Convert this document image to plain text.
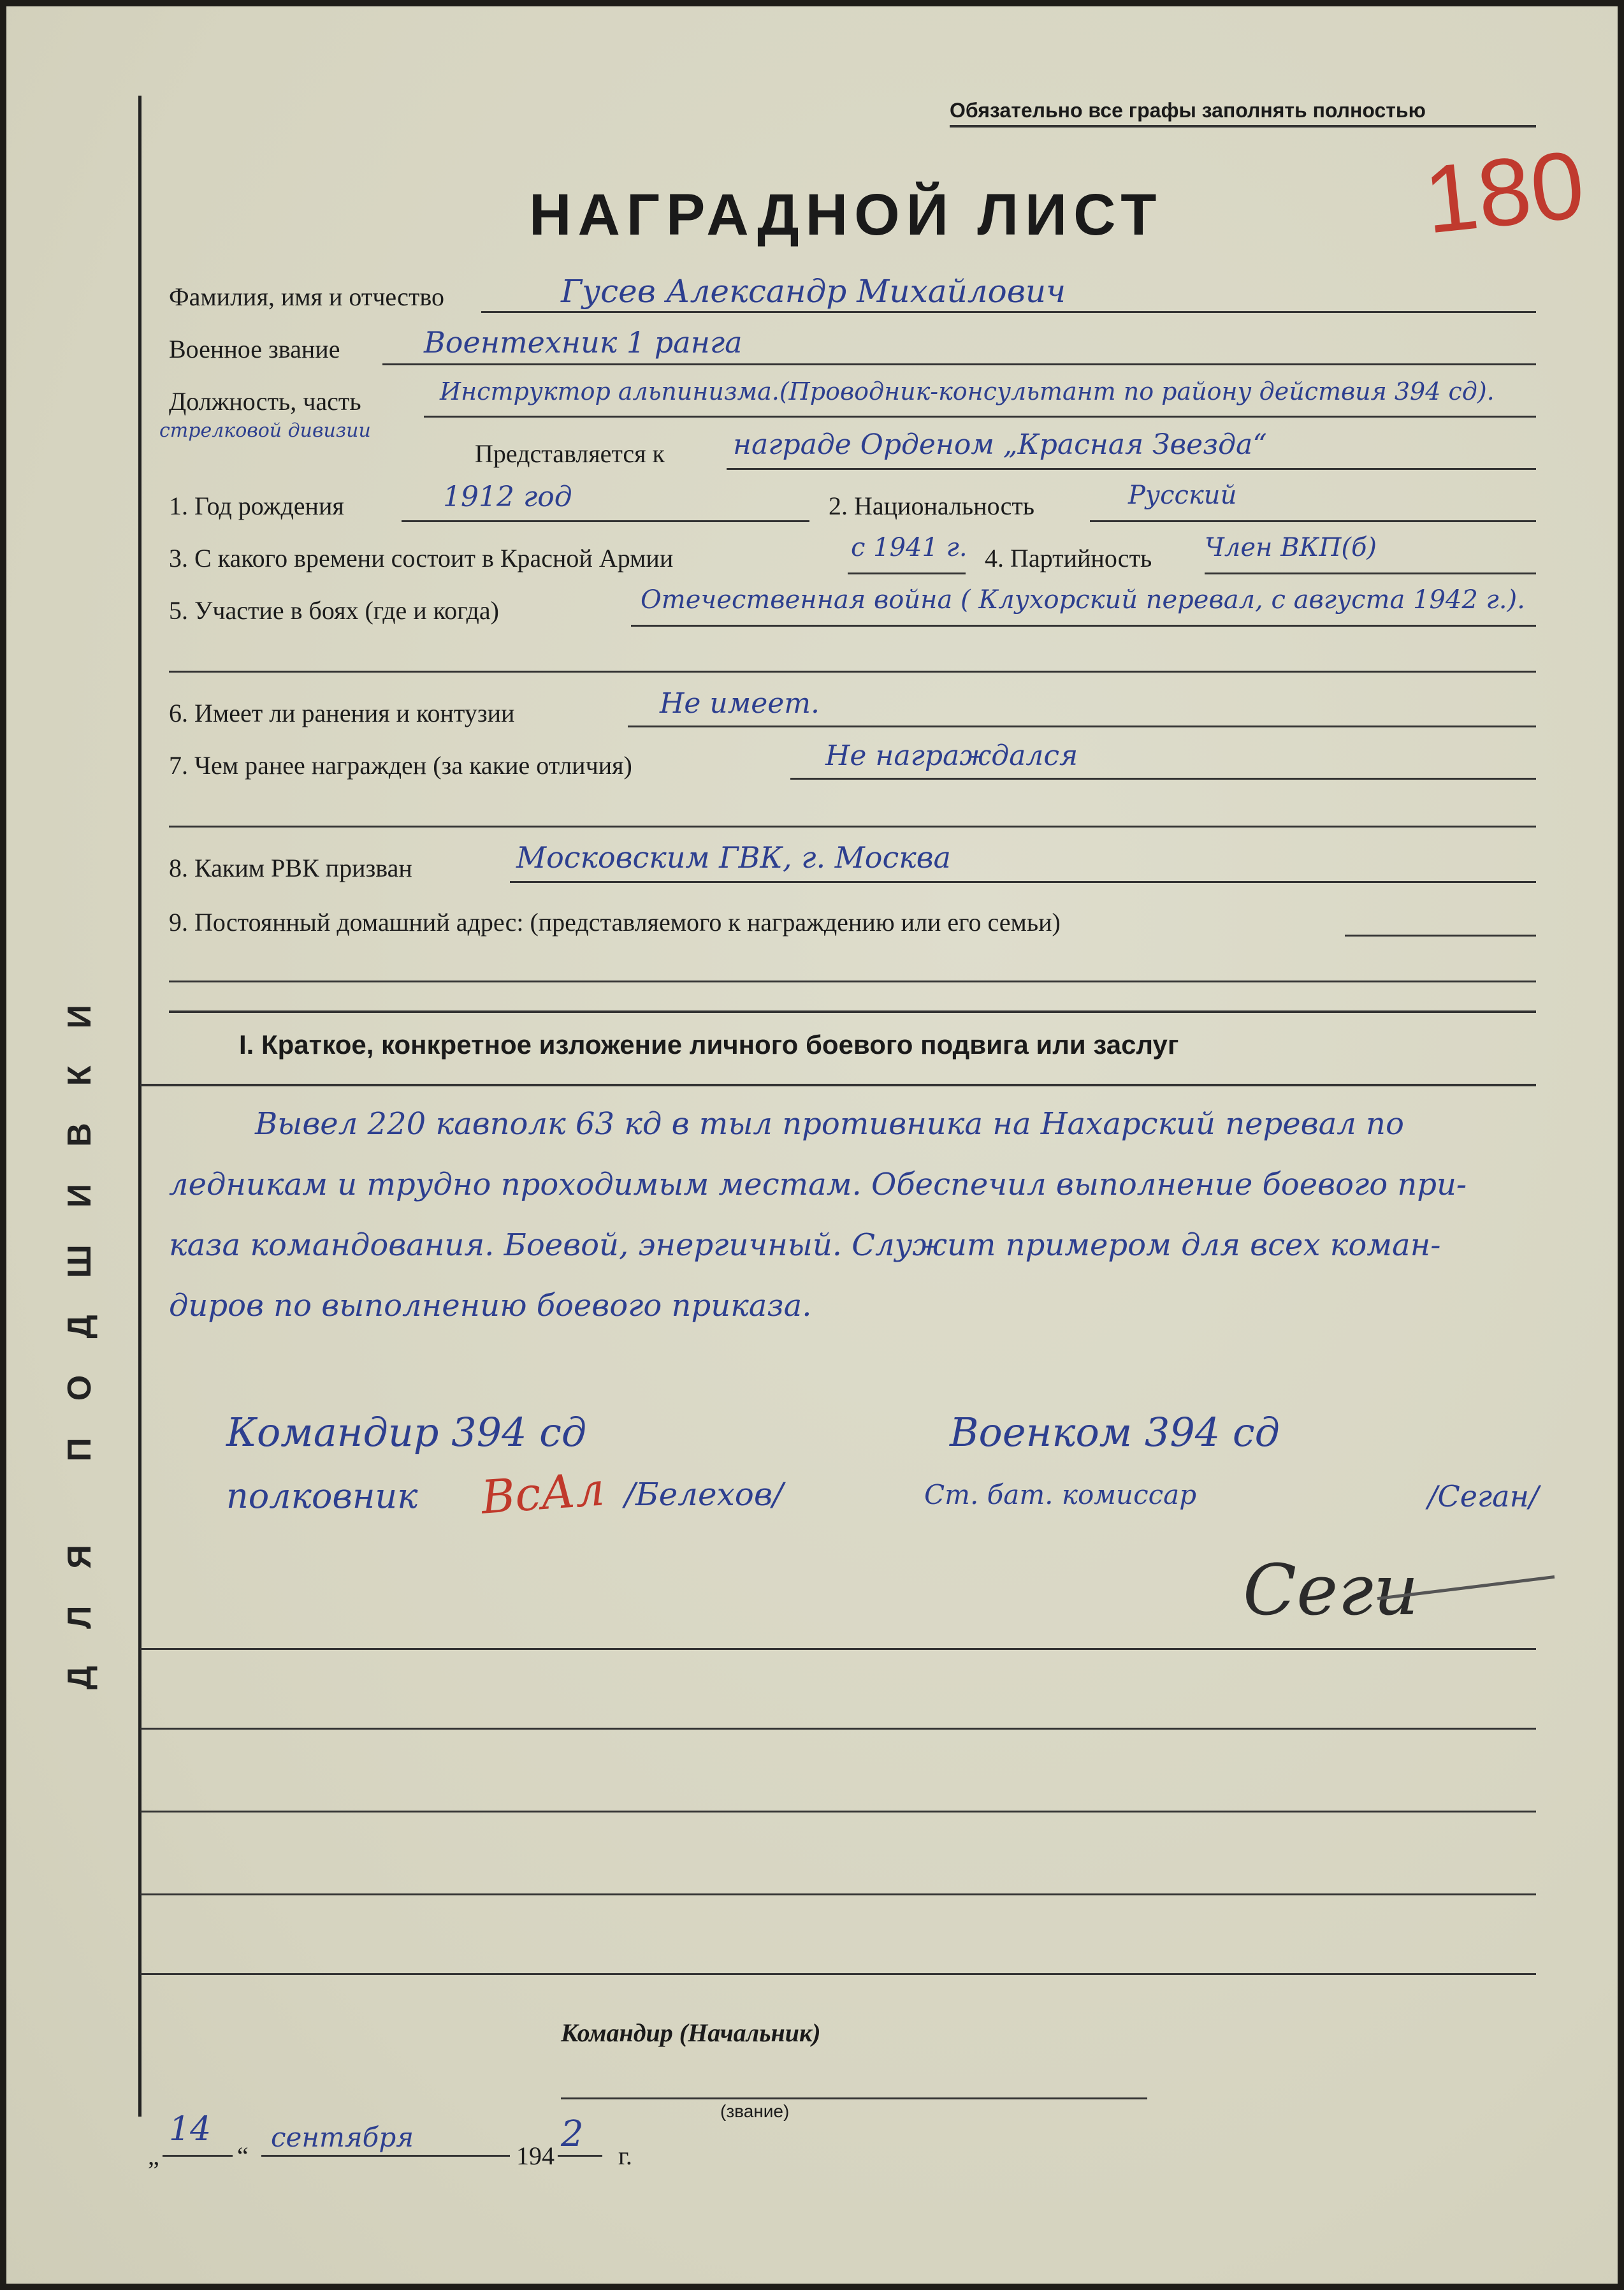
ДЛЯ ПОДШИВКИ
Обязательно все графы заполнять полностью
НАГРАДНОЙ ЛИСТ	180
Фамилия, имя и отчество	Гусев Александр Михайлович
Военное звание	Воентехник 1 ранга
Должность, часть	Инструктор альпинизма.(Проводник-консультант по району действия 394 сд).
стрелковой дивизии
Представляется к награде Орденом „Красная Звезда“
1. Год рождения	1912 год	2. Национальность	Русский
3. С какого времени состоит в Красной Армии	с 1941 г. 4. Партийность Член ВКП(б)
5. Участие в боях (где и когда)	Отечественная война ( Клухорский перевал, с августа 1942 г.).
6. Имеет ли ранения и контузии	Не имеет.
7. Чем ранее награжден (за какие отличия)	Не награждался
8. Каким РВК призван	Московским ГВК, г. Москва
9. Постоянный домашний адрес: (представляемого к награждению или его семьи)
I. Краткое, конкретное изложение личного боевого подвига или заслуг
Вывел 220 кавполк 63 кд в тыл противника на Нахарский перевал по
ледникам и трудно проходимым местам. Обеспечил выполнение боевого при-
каза командования. Боевой, энергичный. Служит примером для всех коман-
диров по выполнению боевого приказа.
Командир 394 сд
полковник ВсАл /Белехов/
Военком 394 сд
Ст. бат. комиссар	/Сеган/
Сеги
Командир (Начальник)
(звание)
„
14
“
сентября
194
2
г.
